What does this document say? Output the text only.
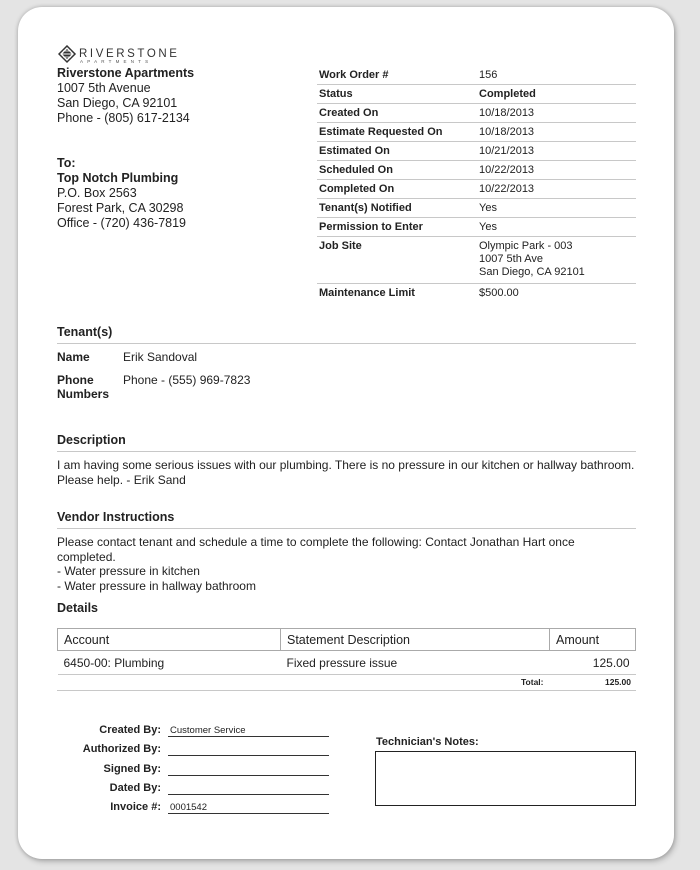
RIVERSTONE
APARTMENTS
Riverstone Apartments
1007 5th Avenue
San Diego, CA 92101
Phone - (805) 617-2134
To:
Top Notch Plumbing
P.O. Box 2563
Forest Park, CA 30298
Office - (720) 436-7819
Work Order #	156
Status	Completed
Created On	10/18/2013
Estimate Requested On	10/18/2013
Estimated On	10/21/2013
Scheduled On	10/22/2013
Completed On	10/22/2013
Tenant(s) Notified	Yes
Permission to Enter	Yes
Job Site	Olympic Park - 003
1007 5th Ave
San Diego, CA 92101

Maintenance Limit	$500.00
Tenant(s)
Name	Erik Sandoval
Phone
Numbers
Phone - (555) 969-7823
Description
I am having some serious issues with our plumbing. There is no pressure in our kitchen or hallway bathroom.
Please help. - Erik Sand
Vendor Instructions
Please contact tenant and schedule a time to complete the following: Contact Jonathan Hart once completed.
- Water pressure in kitchen
- Water pressure in hallway bathroom
Details
Account	Statement Description	Amount
6450-00: Plumbing	Fixed pressure issue	125.00
Total:	125.00
Created By: Customer Service
Authorized By:
Signed By:
Dated By:
Invoice #: 0001542
Technician's Notes:
